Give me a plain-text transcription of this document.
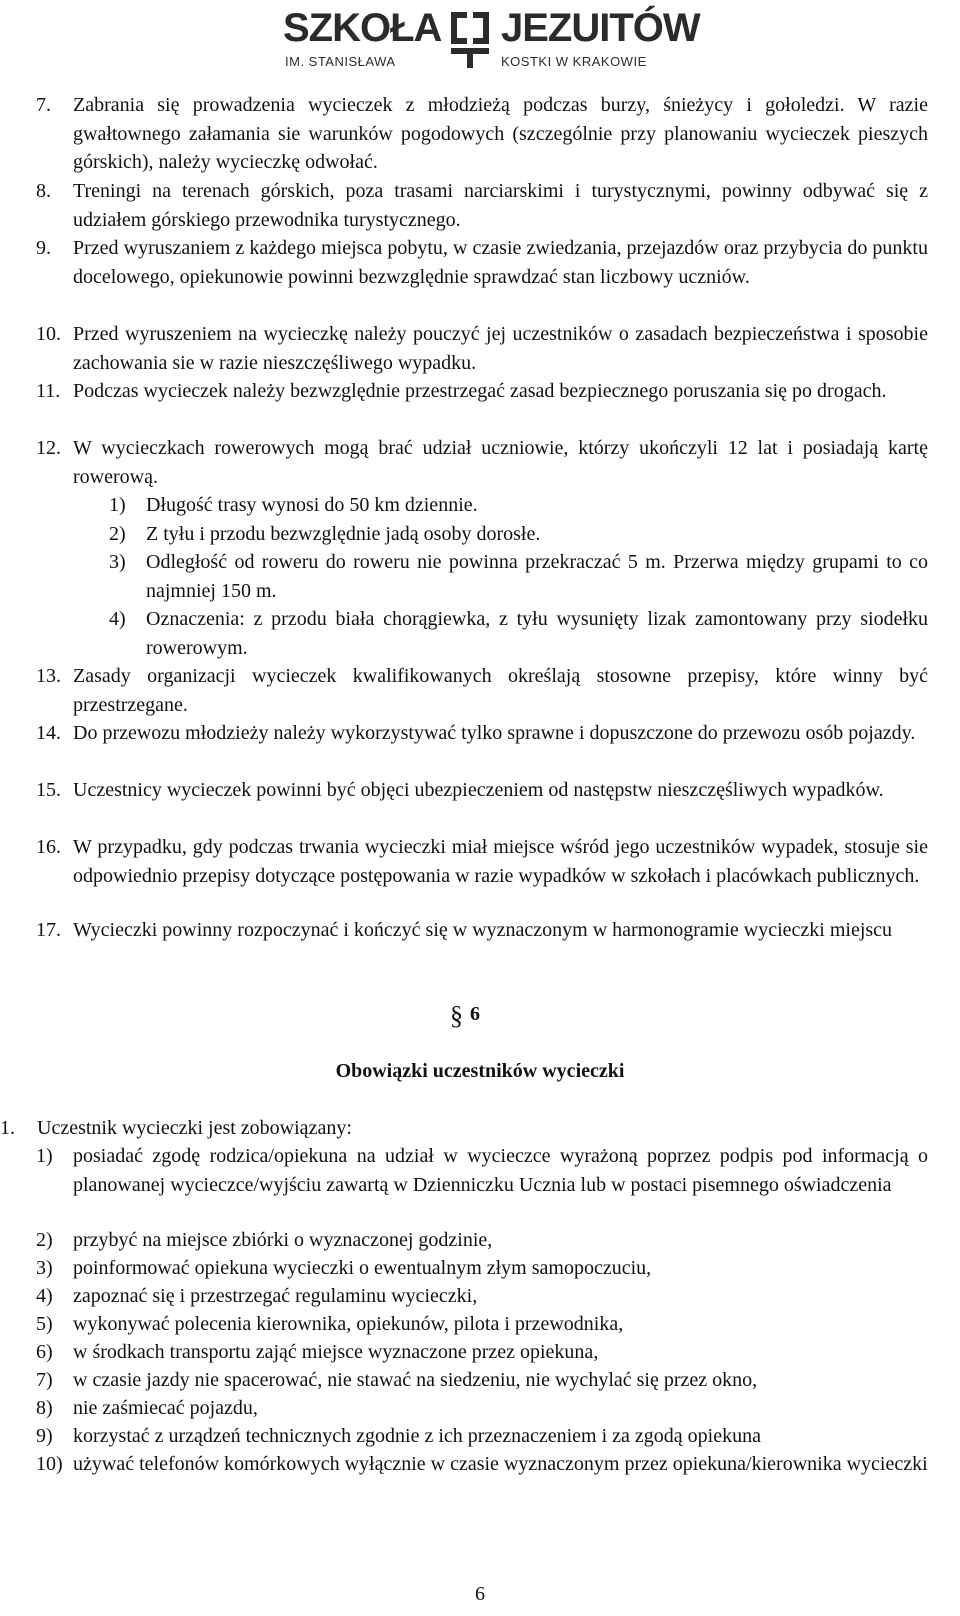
SZKOŁA JEZUITÓW
IM. STANISŁAWA	KOSTKI W KRAKOWIE
7. Zabrania się prowadzenia wycieczek z młodzieżą podczas burzy, śnieżycy i gołoledzi. W razie gwałtownego załamania sie warunków pogodowych (szczególnie przy planowaniu wycieczek pieszych górskich), należy wycieczkę odwołać.
8. Treningi na terenach górskich, poza trasami narciarskimi i turystycznymi, powinny odbywać się z udziałem górskiego przewodnika turystycznego.
9. Przed wyruszaniem z każdego miejsca pobytu, w czasie zwiedzania, przejazdów oraz przybycia do punktu docelowego, opiekunowie powinni bezwzględnie sprawdzać stan liczbowy uczniów.
10. Przed wyruszeniem na wycieczkę należy pouczyć jej uczestników o zasadach bezpieczeństwa i sposobie zachowania sie w razie nieszczęśliwego wypadku.
11. Podczas wycieczek należy bezwzględnie przestrzegać zasad bezpiecznego poruszania się po drogach.
12. W wycieczkach rowerowych mogą brać udział uczniowie, którzy ukończyli 12 lat i posiadają kartę rowerową.
1) Długość trasy wynosi do 50 km dziennie.
2) Z tyłu i przodu bezwzględnie jadą osoby dorosłe.
3) Odległość od roweru do roweru nie powinna przekraczać 5 m. Przerwa między grupami to co najmniej 150 m.
4) Oznaczenia: z przodu biała chorągiewka, z tyłu wysunięty lizak zamontowany przy siodełku rowerowym.
13. Zasady organizacji wycieczek kwalifikowanych określają stosowne przepisy, które winny być przestrzegane.
14. Do przewozu młodzieży należy wykorzystywać tylko sprawne i dopuszczone do przewozu osób pojazdy.
15. Uczestnicy wycieczek powinni być objęci ubezpieczeniem od następstw nieszczęśliwych wypadków.
16. W przypadku, gdy podczas trwania wycieczki miał miejsce wśród jego uczestników wypadek, stosuje sie odpowiednio przepisy dotyczące postępowania w razie wypadków w szkołach i placówkach publicznych.
17. Wycieczki powinny rozpoczynać i kończyć się w wyznaczonym w harmonogramie wycieczki miejscu
§ 6
Obowiązki uczestników wycieczki
1. Uczestnik wycieczki jest zobowiązany:
1) posiadać zgodę rodzica/opiekuna na udział w wycieczce wyrażoną poprzez podpis pod informacją o planowanej wycieczce/wyjściu zawartą w Dzienniczku Ucznia lub w postaci pisemnego oświadczenia
2) przybyć na miejsce zbiórki o wyznaczonej godzinie,
3) poinformować opiekuna wycieczki o ewentualnym złym samopoczuciu,
4) zapoznać się i przestrzegać regulaminu wycieczki,
5) wykonywać polecenia kierownika, opiekunów, pilota i przewodnika,
6) w środkach transportu zająć miejsce wyznaczone przez opiekuna,
7) w czasie jazdy nie spacerować, nie stawać na siedzeniu, nie wychylać się przez okno,
8) nie zaśmiecać pojazdu,
9) korzystać z urządzeń technicznych zgodnie z ich przeznaczeniem i za zgodą opiekuna
10) używać telefonów komórkowych wyłącznie w czasie wyznaczonym przez opiekuna/kierownika wycieczki
6
